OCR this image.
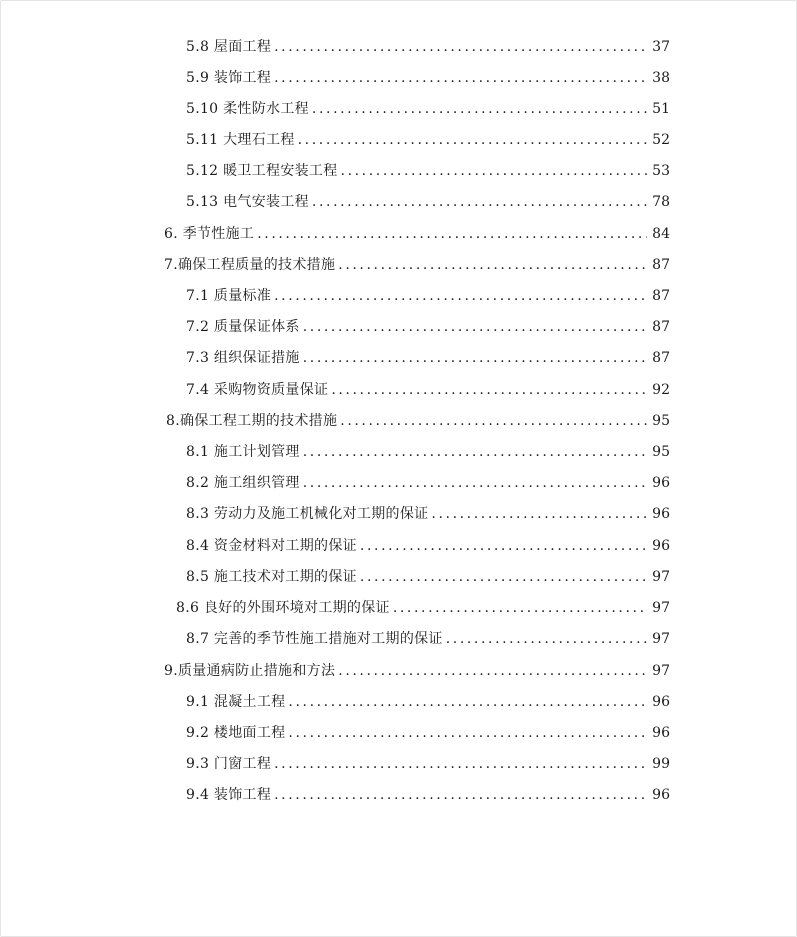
5.8 屋面工程 .....	37
5.9 装饰工程 .....	38
5.10 柔性防水工程 .....	51
5.11 大理石工程 .....	52
5.12 暖卫工程安装工程 .....	53
5.13 电气安装工程 .....	78
6. 季节性施工 .....	84
7.确保工程质量的技术措施 .....	87
7.1 质量标准 .....	87
7.2 质量保证体系 .....	87
7.3 组织保证措施 .....	87
7.4 采购物资质量保证 .....	92
8.确保工程工期的技术措施 .....	95
8.1 施工计划管理 .....	95
8.2 施工组织管理 .....	96
8.3 劳动力及施工机械化对工期的保证 .....	96
8.4 资金材料对工期的保证 .....	96
8.5 施工技术对工期的保证 .....	97
8.6 良好的外围环境对工期的保证 .....	97
8.7 完善的季节性施工措施对工期的保证 .....	97
9.质量通病防止措施和方法 .....	97
9.1 混凝土工程 .....	96
9.2 楼地面工程 .....	96
9.3 门窗工程 .....	99
9.4 装饰工程 .....	96
